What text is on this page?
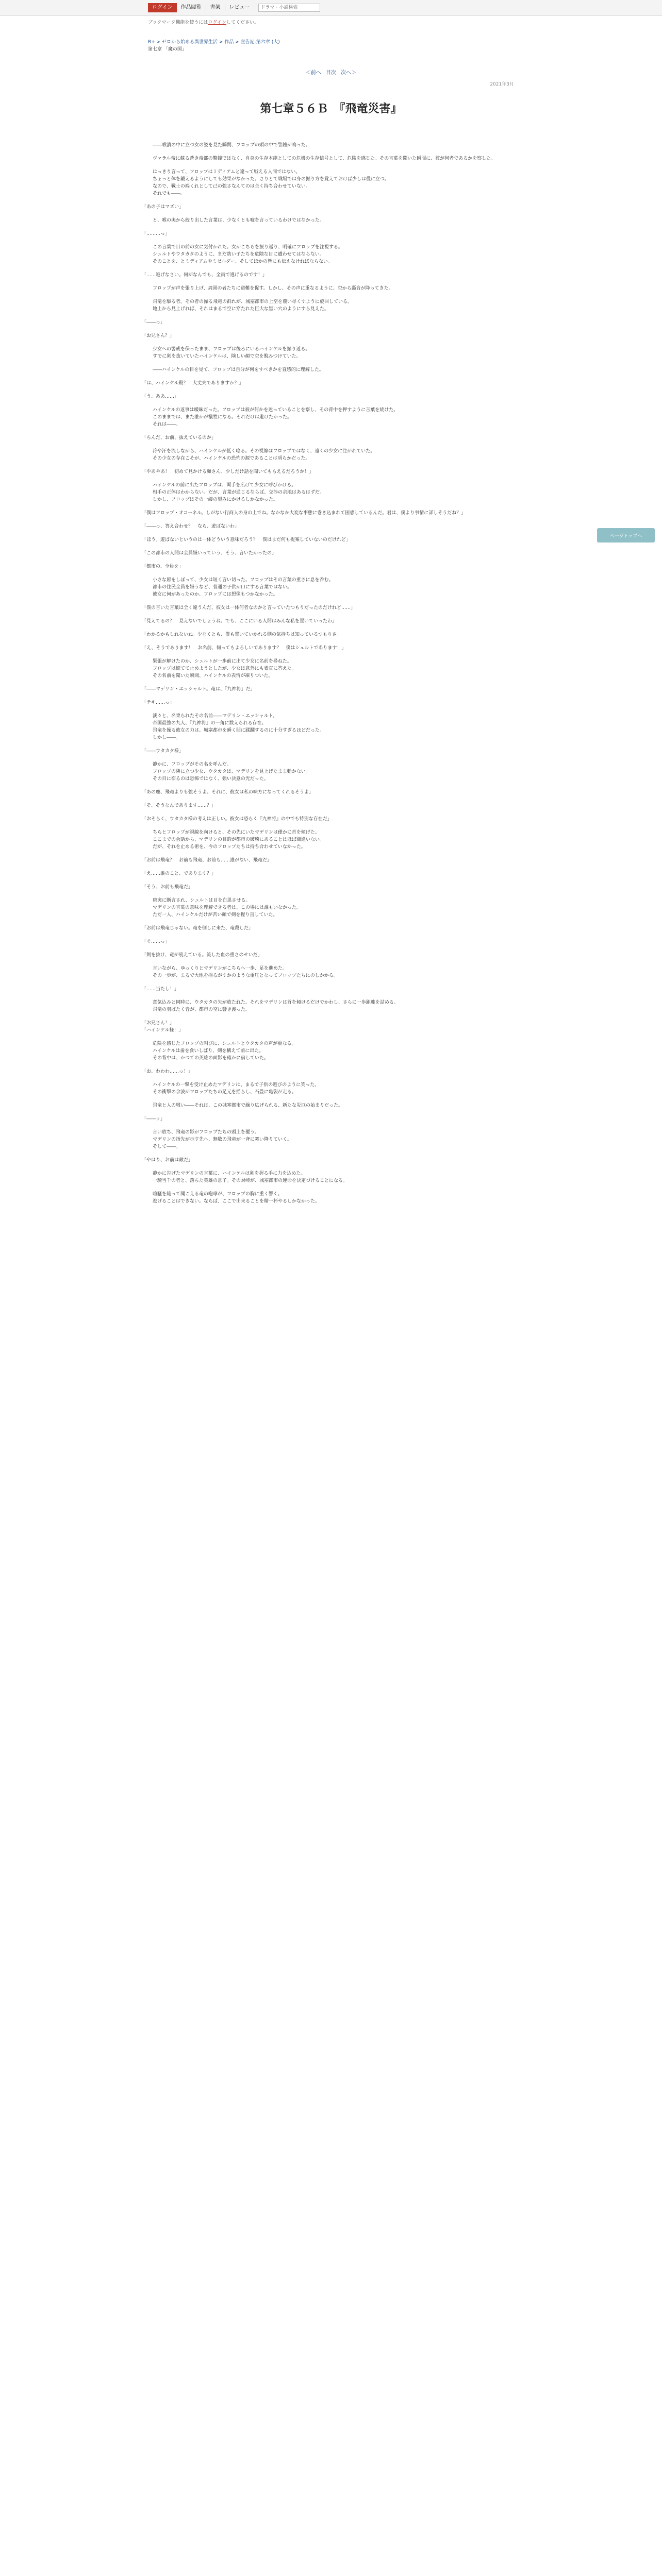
ログイン	作品閲覧	書架	レビュー
ドラマ・小説検索
ブックマーク機能を使うにはログインしてください。
R+ > ゼロから始める異世界生活 > 作品 > 宣告記-第六章 (大)
第七章 「魔の国」
＜前へ 目次 次へ＞
2021年3月
第七章５６Ｂ　『飛竜災害』

　――喉潰の中に立つ女の姿を見た瞬間、フロップの頭の中で警鐘が鳴った。

　ヴァラル帝に蘇る蒼き帝都の警鐘ではなく、自身の生存本能としての危機の生存信号として、危険を感じた。その言葉を聞いた瞬間に、彼が何者であるかを察した。

　はっきり言って、フロップはミディアムと違って戦える人間ではない。
　ちょっと体を鍛えるようにしても効果がなかった。さりとて戦場では身の振り方を覚えておけば少しは役に立つ。
　なので、戦士の端くれとして己の強さなんてのは全く持ち合わせていない。
　それでも――。

「あの子はマズい」

　と、喉の奥から絞り出した言葉は、少なくとも嘘を言っているわけではなかった。

「………っ」

　この言葉で目の前の女に気付かれた。女がこちらを振り返り、明確にフロップを注視する。
　シュルトやウタカタのように、まだ幼い子たちを危険な目に遭わせてはならない。
　そのことを、とミディアムやミゼルダー、そしてほかの皆にも伝えなければならない。

「……逃げなさい。何がなんでも、全員で逃げるのです！」

　フロップが声を張り上げ、周囲の者たちに避難を促す。しかし、その声に重なるように、空から轟音が降ってきた。

　飛竜を駆る者。その者の操る飛竜の群れが、城塞都市の上空を覆い尽くすように旋回している。
　地上から見上げれば、それはまるで空に穿たれた巨大な黒い穴のようにすら見えた。

「――っ」

「お兄さん？」

　少女への警戒を保ったまま、フロップは後ろにいるハインケルを振り返る。
　すでに剣を抜いていたハインケルは、険しい顔で空を睨みつけていた。

　――ハインケルの目を見て、フロップは自分が何をすべきかを直感的に理解した。

「は、ハインケル殿？　大丈夫でありますか？」

「う、ああ……」

　ハインケルの返事は曖昧だった。フロップは彼が何かを迷っていることを察し、その背中を押すように言葉を続けた。
　このままでは、また誰かが犠牲になる。それだけは避けたかった。
　それは――。

「ちんだ、お前、抜えているのか」

　冷や汗を流しながら、ハインケルが低く唸る。その視線はフロップではなく、遠くの少女に注がれていた。
　その少女の存在こそが、ハインケルの恐怖の源であることは明らかだった。

「やあやあ！　初めて見かける顔さん、少しだけ話を聞いてもらえるだろうか！」

　ハインケルの前に出たフロップは、両手を広げて少女に呼びかける。
　相手の正体はわからない。だが、言葉が通じるならば、交渉の余地はあるはずだ。
　しかし、フロップはその一縷の望みにかけるしかなかった。

「僕はフロップ・オコーネル。しがない行商人の身の上でね。なかなか大変な事態に巻き込まれて困惑しているんだ。君は、僕より事情に詳しそうだね？」

「――っ、答え合わせ？　なら、遊ばないわ」

「ほう。遊ばないというのは一体どういう意味だろう？　僕はまだ何も提案していないのだけれど」

「この都市の人間は全員嫌いっていう、そう、言いたかったの」

「都市の、全員を」

　小さな唇をしぼって、少女は短く言い切った。フロップはその言葉の重さに息を呑む。
　都市の住民全員を嫌うなど、普通の子供が口にする言葉ではない。
　彼女に何があったのか、フロップには想像もつかなかった。

「僕の言いた言葉は全く違うんだ、彼女は一体何者なのかと言っていたつもりだったのだけれど……」

「見えてるの？　見えないでしょうね。でも、ここにいる人間はみんな私を置いていったわ」

「わかるかもしれないね。少なくとも、僕も置いていかれる側の気持ちは知っているつもりさ」

「え、そうであります！　お名前、伺ってもよろしいであります？　僕はシュルトであります！」

　緊張が解けたのか、シュルトが一歩前に出て少女に名前を尋ねた。
　フロップは慌てて止めようとしたが、少女は意外にも素直に答えた。
　その名前を聞いた瞬間、ハインケルの表情が凍りついた。

「――マデリン・エッシャルト。竜は、『九神将』だ」

「テキ……っ」

　淡々と、名乗られたその名前――マデリン・エッシャルト。
　帝国最強の九人、『九神将』の一角に数えられる存在。
　飛竜を操る彼女の力は、城塞都市を瞬く間に蹂躙するのに十分すぎるほどだった。
　しかし――。

「――ウタカタ様」

　静かに、フロップがその名を呼んだ。
　フロップの隣に立つ少女、ウタカタは、マデリンを見上げたまま動かない。
　その目に宿るのは恐怖ではなく、強い決意の光だった。

「あの鹿、飛竜よりも強そうよ。それに、彼女は私の味方になってくれるそうよ」

「そ、そうなんであります……？」

「おそらく、ウタカタ様の考えは正しい。彼女は恐らく『九神将』の中でも特別な存在だ」

　ちらとフロップが視線を向けると、その先にいたマデリンは僅かに首を傾げた。
　ここまでの会話から、マデリンの目的が都市の破壊にあることはほぼ間違いない。
　だが、それを止める術を、今のフロップたちは持ち合わせていなかった。

「お前は飛竜？　お前も飛竜、お前も……誰がない、飛竜だ」

「え……誰のこと、であります？」

「そう、お前も飛竜だ」

　唐突に断言され、シュルトは目を白黒させる。
　マデリンの言葉の意味を理解できる者は、この場には誰もいなかった。
　ただ一人、ハインケルだけが苦い顔で剣を握り直していた。

「お前は飛竜じゃない。竜を倒しに来た、竜殺しだ」

「ぐ……っ」

「剣を抜け、竜が吼えている。流した血の重さのせいだ」

　言いながら、ゆっくりとマデリンがこちらへ一歩、足を進めた。
　その一歩が、まるで大地を揺るがすかのような重圧となってフロップたちにのしかかる。

「……当たし！」

　意気込みと同時に、ウタカタの矢が放たれた。それをマデリンは首を傾けるだけでかわし、さらに一歩距離を詰める。
　飛竜の羽ばたく音が、都市の空に響き渡った。

「お兄さん！」
「ハインケル様！」

　危険を感じたフロップの叫びに、シュルトとウタカタの声が重なる。
　ハインケルは歯を食いしばり、剣を構えて前に出た。
　その背中は、かつての英雄の面影を確かに宿していた。

「お、わわわ……っ！」

　ハインケルの一撃を受け止めたマデリンは、まるで子供の遊びのように笑った。
　その衝撃の余波がフロップたちの足元を揺らし、石畳に亀裂が走る。

　飛竜と人の戦い――それは、この城塞都市で繰り広げられる、新たな災厄の始まりだった。

「――ッ」

　言い放ち、飛竜の影がフロップたちの頭上を覆う。
　マデリンの指先が示す先へ、無数の飛竜が一斉に舞い降りていく。
　そして――。

「やはり、お前は敵だ」

　静かに告げたマデリンの言葉に、ハインケルは剣を握る手に力を込めた。
　一騎当千の者と、落ちた英雄の息子。その対峙が、城塞都市の運命を決定づけることになる。

　喧騒を縫って聞こえる竜の咆哮が、フロップの胸に重く響く。
　逃げることはできない。ならば、ここで出来ることを精一杯やるしかなかった。

ページトップへ
